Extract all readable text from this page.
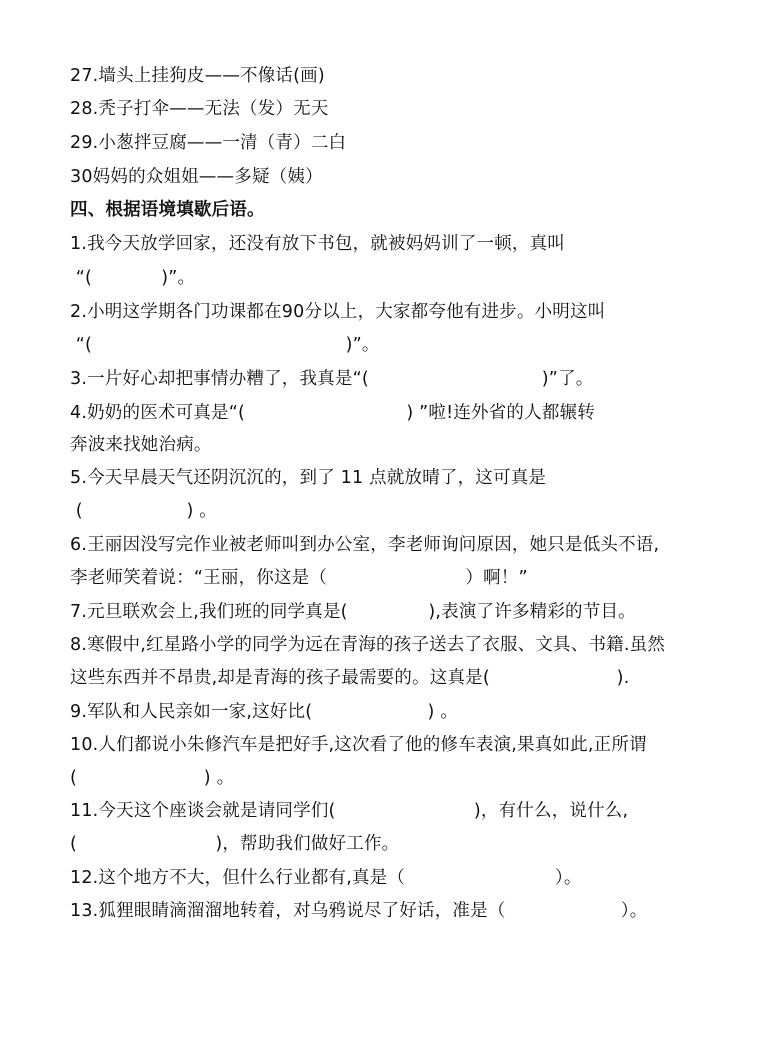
27.墙头上挂狗皮——不像话(画)
28.秃子打伞——无法（发）无天
29.小葱拌豆腐——一清（青）二白
30妈妈的众姐姐——多疑（姨）
四、根据语境填歇后语。
1.我今天放学回家，还没有放下书包，就被妈妈训了一顿，真叫
“(            )”。
2.小明这学期各门功课都在90分以上，大家都夸他有进步。小明这叫
“(                                            )”。
3.一片好心却把事情办糟了，我真是“(                              )”了。
4.奶奶的医术可真是“(                            ) ”啦!连外省的人都辗转
奔波来找她治病。
5.今天早晨天气还阴沉沉的，到了 11 点就放晴了，这可真是
(                  ) 。
6.王丽因没写完作业被老师叫到办公室，李老师询问原因，她只是低头不语,
李老师笑着说：“王丽，你这是（                        ）啊！”
7.元旦联欢会上,我们班的同学真是(              ),表演了许多精彩的节目。
8.寒假中,红星路小学的同学为远在青海的孩子送去了衣服、文具、书籍.虽然
这些东西并不昂贵,却是青海的孩子最需要的。这真是(                      ).
9.军队和人民亲如一家,这好比(                    ) 。
10.人们都说小朱修汽车是把好手,这次看了他的修车表演,果真如此,正所谓
(                      ) 。
11.今天这个座谈会就是请同学们(                        )，有什么，说什么,
(                        )，帮助我们做好工作。
12.这个地方不大，但什么行业都有,真是（                          ）。
13.狐狸眼睛滴溜溜地转着，对乌鸦说尽了好话，准是（                    ）。
